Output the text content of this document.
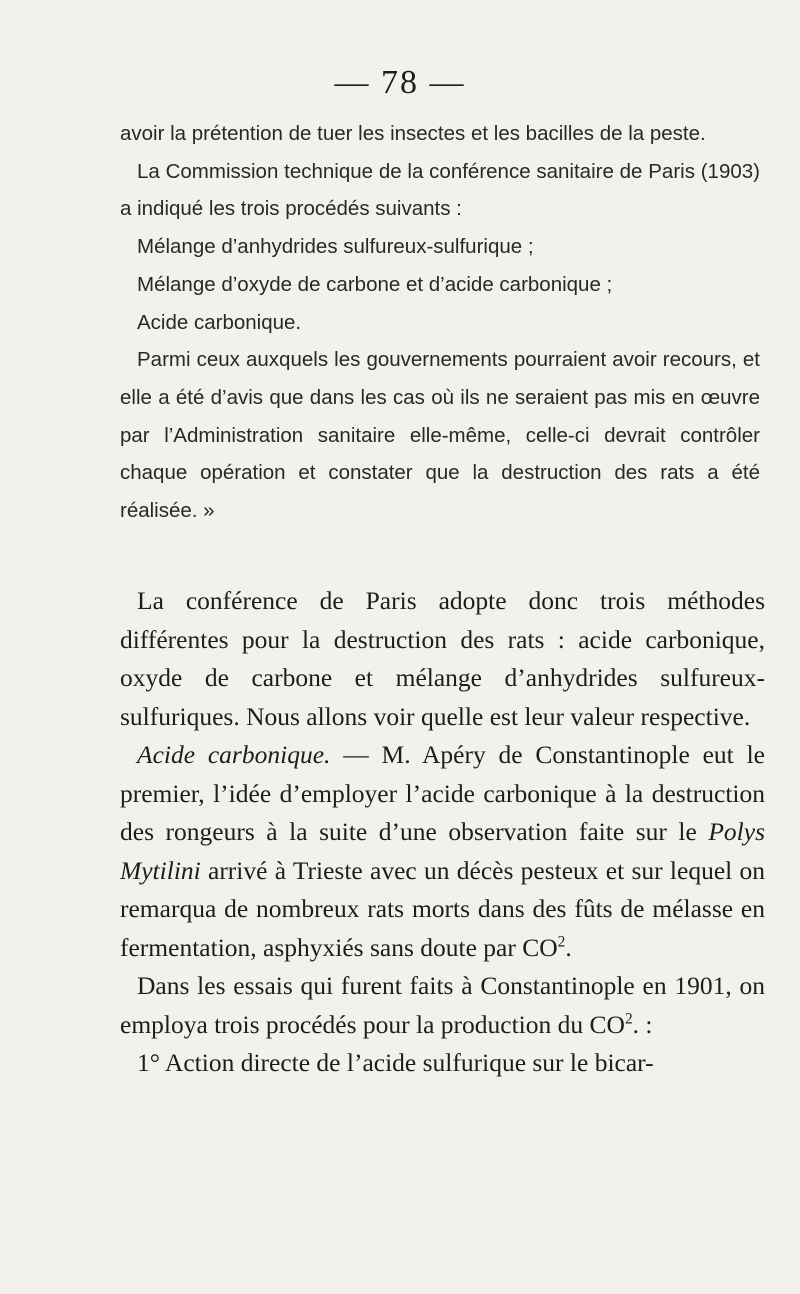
— 78 —

avoir la prétention de tuer les insectes et les bacilles de la peste.

La Commission technique de la conférence sanitaire de Paris (1903) a indiqué les trois procédés suivants :

Mélange d’anhydrides sulfureux-sulfurique ;

Mélange d’oxyde de carbone et d’acide carbonique ;

Acide carbonique.

Parmi ceux auxquels les gouvernements pourraient avoir recours, et elle a été d’avis que dans les cas où ils ne seraient pas mis en œuvre par l’Administration sanitaire elle-même, celle-ci devrait contrôler chaque opération et constater que la destruction des rats a été réalisée. »

La conférence de Paris adopte donc trois méthodes différentes pour la destruction des rats : acide carbonique, oxyde de carbone et mélange d’anhydrides sulfureux-sulfuriques. Nous allons voir quelle est leur valeur respective.

Acide carbonique. — M. Apéry de Constantinople eut le premier, l’idée d’employer l’acide carbonique à la destruction des rongeurs à la suite d’une observation faite sur le Polys Mytilini arrivé à Trieste avec un décès pesteux et sur lequel on remarqua de nombreux rats morts dans des fûts de mélasse en fermentation, asphyxiés sans doute par $CO^2$.

Dans les essais qui furent faits à Constantinople en 1901, on employa trois procédés pour la production du $CO^2$. :

1° Action directe de l’acide sulfurique sur le bicar-
